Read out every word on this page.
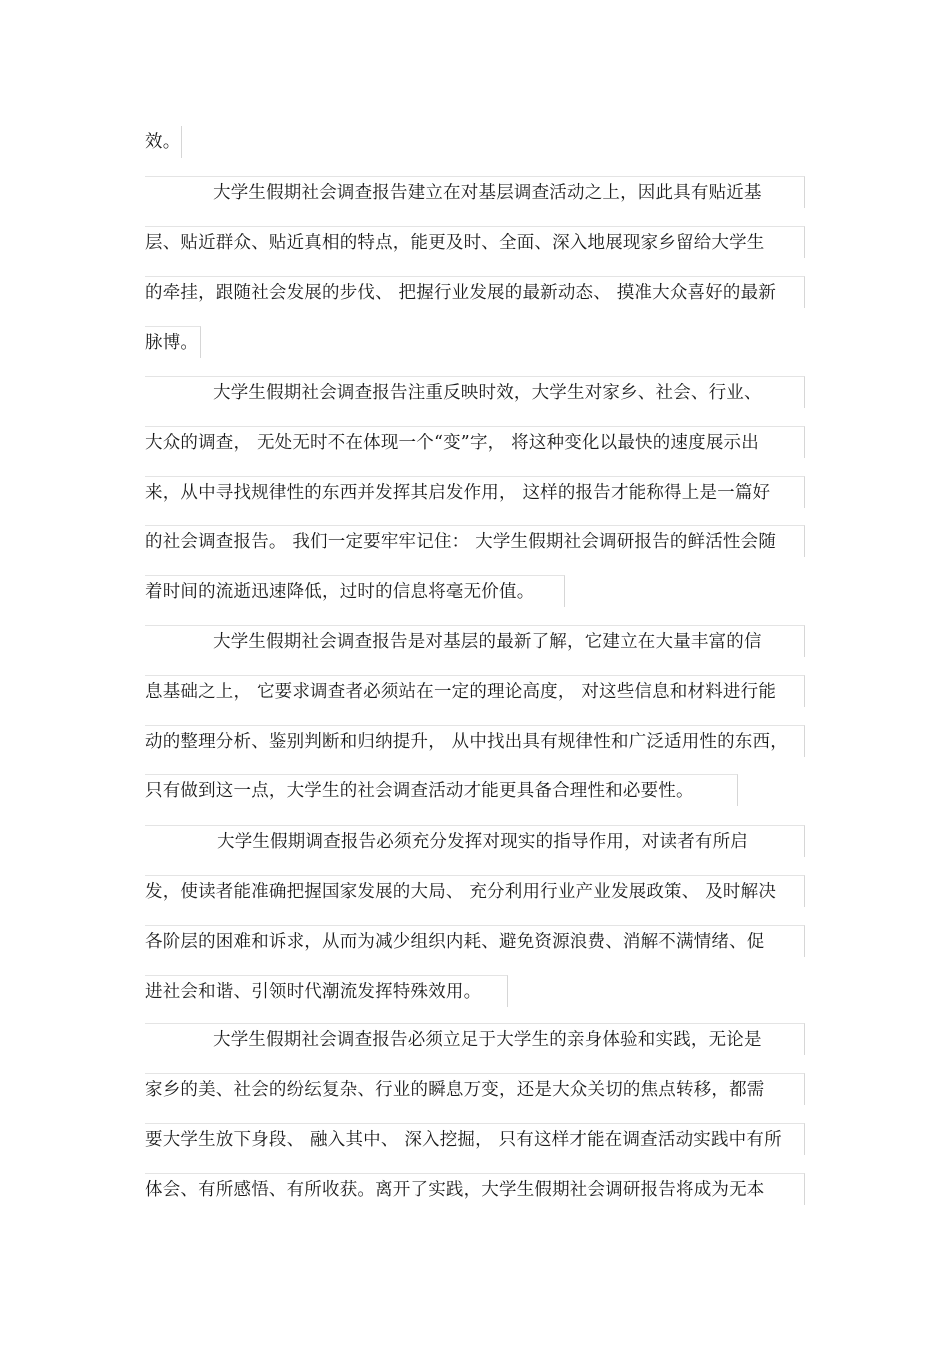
效。
大学生假期社会调查报告建立在对基层调查活动之上，因此具有贴近基
层、贴近群众、贴近真相的特点，能更及时、全面、深入地展现家乡留给大学生
的牵挂，跟随社会发展的步伐、 把握行业发展的最新动态、 摸准大众喜好的最新
脉博。
大学生假期社会调查报告注重反映时效，大学生对家乡、社会、行业、
大众的调查， 无处无时不在体现一个“变”字， 将这种变化以最快的速度展示出
来，从中寻找规律性的东西并发挥其启发作用， 这样的报告才能称得上是一篇好
的社会调查报告。 我们一定要牢牢记住： 大学生假期社会调研报告的鲜活性会随
着时间的流逝迅速降低，过时的信息将毫无价值。
大学生假期社会调查报告是对基层的最新了解，它建立在大量丰富的信
息基础之上， 它要求调查者必须站在一定的理论高度， 对这些信息和材料进行能
动的整理分析、鉴别判断和归纳提升， 从中找出具有规律性和广泛适用性的东西，
只有做到这一点，大学生的社会调查活动才能更具备合理性和必要性。
大学生假期调查报告必须充分发挥对现实的指导作用，对读者有所启
发，使读者能准确把握国家发展的大局、 充分利用行业产业发展政策、 及时解决
各阶层的困难和诉求，从而为减少组织内耗、避免资源浪费、消解不满情绪、促
进社会和谐、引领时代潮流发挥特殊效用。
大学生假期社会调查报告必须立足于大学生的亲身体验和实践，无论是
家乡的美、社会的纷纭复杂、行业的瞬息万变，还是大众关切的焦点转移，都需
要大学生放下身段、 融入其中、 深入挖掘， 只有这样才能在调查活动实践中有所
体会、有所感悟、有所收获。离开了实践，大学生假期社会调研报告将成为无本
